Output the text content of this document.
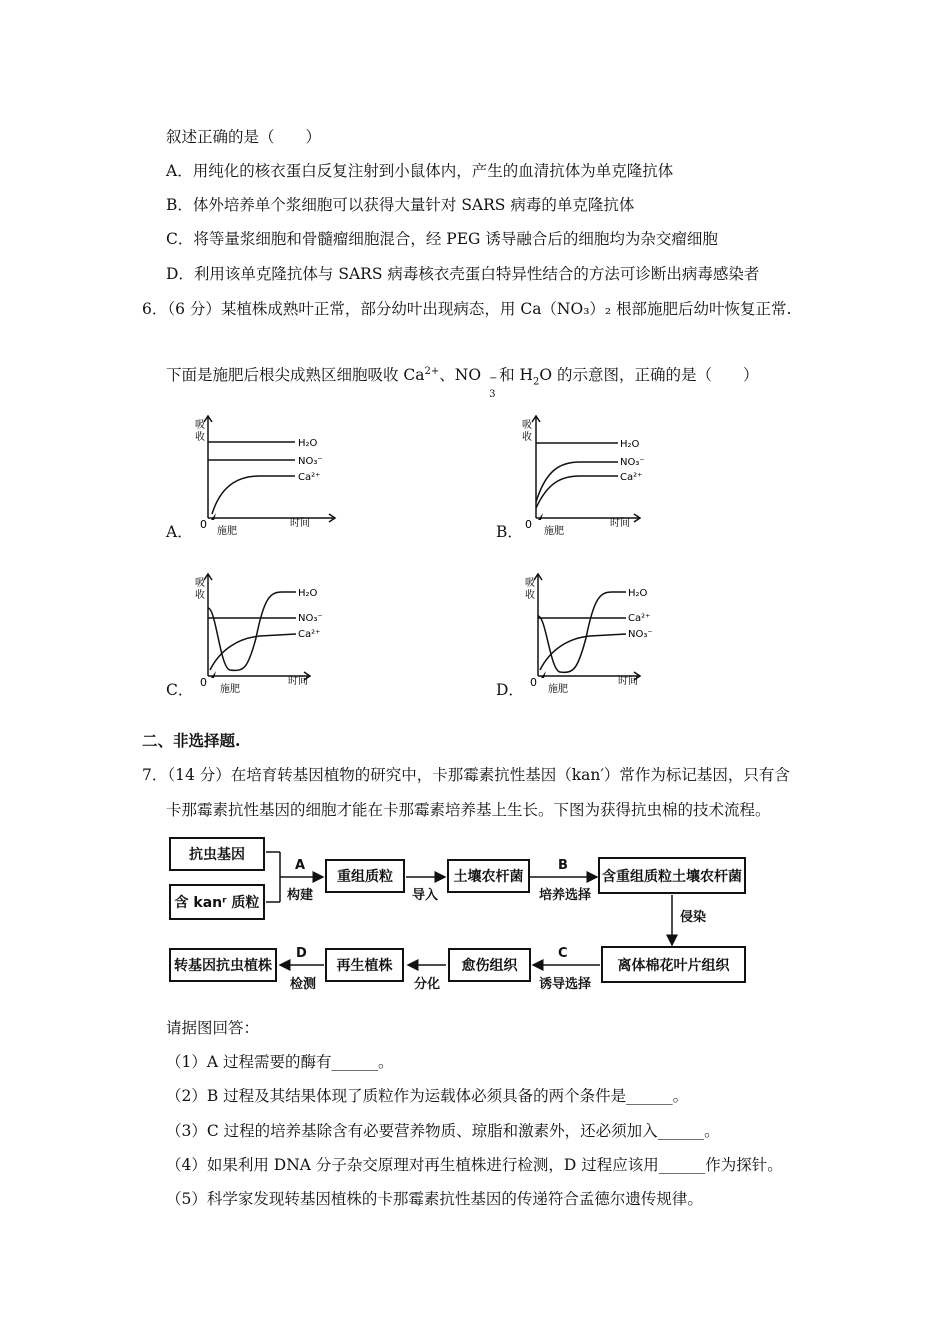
叙述正确的是（　　）
A．用纯化的核衣蛋白反复注射到小鼠体内，产生的血清抗体为单克隆抗体
B．体外培养单个浆细胞可以获得大量针对 SARS 病毒的单克隆抗体
C．将等量浆细胞和骨髓瘤细胞混合，经 PEG 诱导融合后的细胞均为杂交瘤细胞
D．利用该单克隆抗体与 SARS 病毒核衣壳蛋白特异性结合的方法可诊断出病毒感染者
6．（6 分）某植株成熟叶正常，部分幼叶出现病态，用 Ca（NO₃）₂ 根部施肥后幼叶恢复正常.
下面是施肥后根尖成熟区细胞吸收 $Ca^{2+}$、NO −
3
和 $H_2O$ 的示意图，正确的是（　　）
A．	B．
C．	D．
吸
收
0
施肥
时间
H₂O
NO₃⁻
Ca²⁺
吸
收
0
施肥
时间
H₂O
NO₃⁻
Ca²⁺
吸
收
0
施肥
时间
H₂O
NO₃⁻
Ca²⁺
吸
收
0
施肥
时间
H₂O
Ca²⁺
NO₃⁻
二、非选择题.
7．（14 分）在培育转基因植物的研究中，卡那霉素抗性基因（kan′）常作为标记基因，只有含
卡那霉素抗性基因的细胞才能在卡那霉素培养基上生长。下图为获得抗虫棉的技术流程。
抗虫基因
含 kanʳ 质粒
重组质粒	土壤农杆菌	含重组质粒土壤农杆菌
离体棉花叶片组织
愈伤组织
再生植株
转基因抗虫植株
A
构建	导入
B
培养选择
侵染
C
诱导选择
分化
D
检测
请据图回答：
（1）A 过程需要的酶有______。
（2）B 过程及其结果体现了质粒作为运载体必须具备的两个条件是______。
（3）C 过程的培养基除含有必要营养物质、琼脂和激素外，还必须加入______。
（4）如果利用 DNA 分子杂交原理对再生植株进行检测，D 过程应该用______作为探针。
（5）科学家发现转基因植株的卡那霉素抗性基因的传递符合孟德尔遗传规律。
